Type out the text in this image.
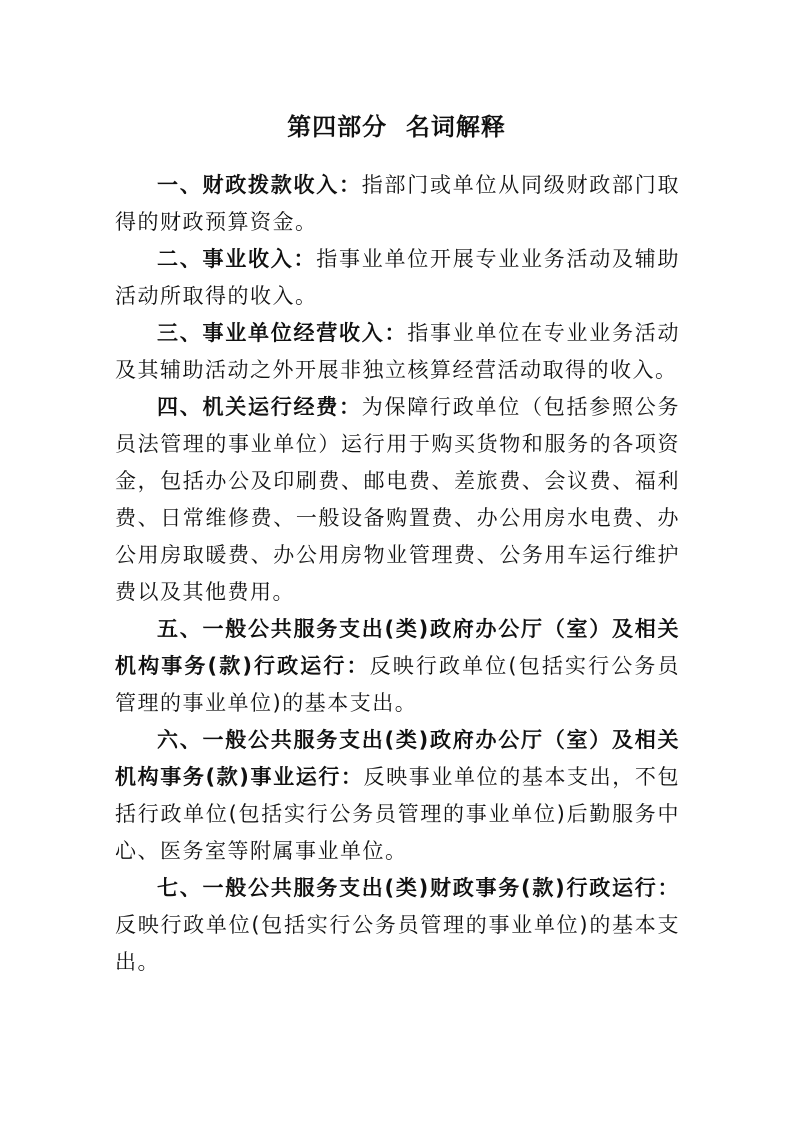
第四部分  名词解释

一、财政拨款收入：指部门或单位从同级财政部门取得的财政预算资金。

二、事业收入：指事业单位开展专业业务活动及辅助活动所取得的收入。

三、事业单位经营收入：指事业单位在专业业务活动及其辅助活动之外开展非独立核算经营活动取得的收入。

四、机关运行经费：为保障行政单位（包括参照公务员法管理的事业单位）运行用于购买货物和服务的各项资金，包括办公及印刷费、邮电费、差旅费、会议费、福利费、日常维修费、一般设备购置费、办公用房水电费、办公用房取暖费、办公用房物业管理费、公务用车运行维护费以及其他费用。

五、一般公共服务支出(类)政府办公厅（室）及相关机构事务(款)行政运行：反映行政单位(包括实行公务员管理的事业单位)的基本支出。

六、一般公共服务支出(类)政府办公厅（室）及相关机构事务(款)事业运行：反映事业单位的基本支出，不包括行政单位(包括实行公务员管理的事业单位)后勤服务中心、医务室等附属事业单位。

七、一般公共服务支出(类)财政事务(款)行政运行：反映行政单位(包括实行公务员管理的事业单位)的基本支出。
